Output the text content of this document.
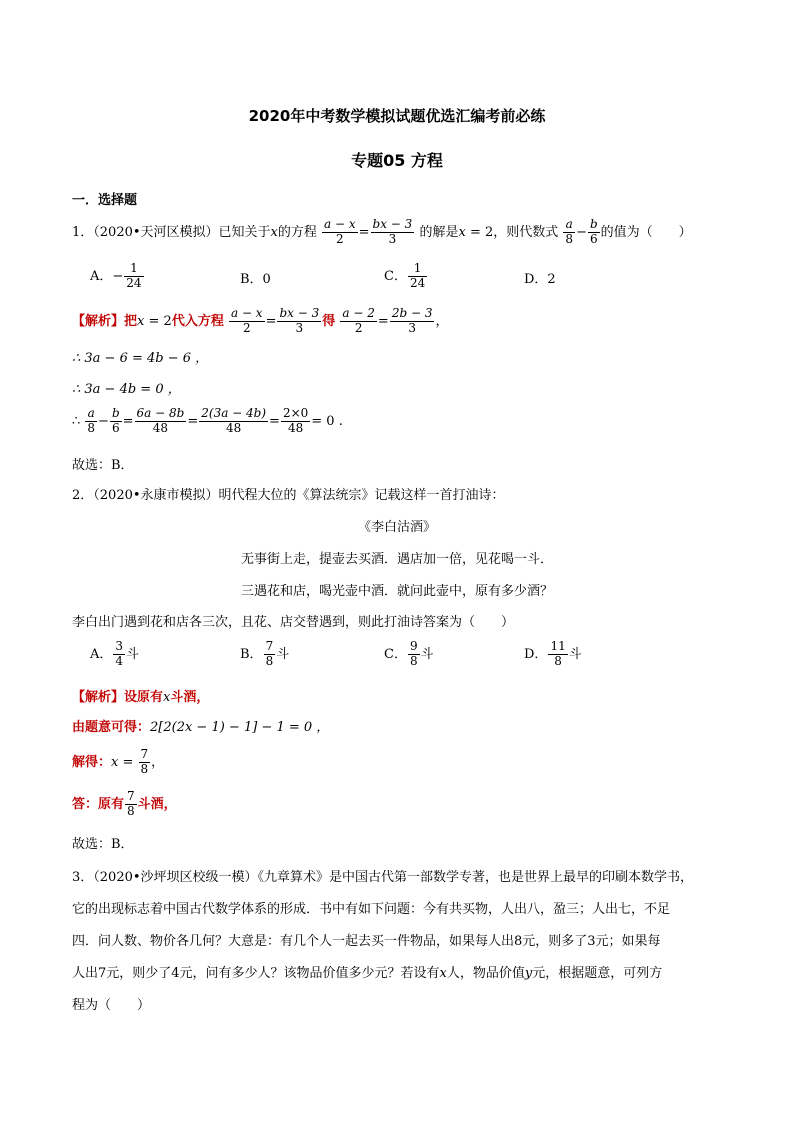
2020年中考数学模拟试题优选汇编考前必练
专题05 方程
一．选择题
1．（2020•天河区模拟）已知关于x的方程 $\frac{a - x}{2} = \frac{bx - 3}{3}$ 的解是x = 2，则代数式 $\frac{a}{8} - \frac{b}{6}$ 的值为（　　）
A．− $\frac{1}{24}$	B．0	C． $\frac{1}{24}$	D．2
【解析】把x = 2代入方程 $\frac{a - x}{2} = \frac{bx - 3}{3}$ 得 $\frac{a - 2}{2} = \frac{2b - 3}{3}$ ，
∴ 3a − 6 = 4b − 6 ，
∴ 3a − 4b = 0 ，
∴ $\frac{a}{8} - \frac{b}{6} = \frac{6a - 8b}{48} = \frac{2(3a - 4b)}{48} = \frac{2\times 0}{48} = 0$ .
故选：B．
2．（2020•永康市模拟）明代程大位的《算法统宗》记载这样一首打油诗：
《李白沽酒》
无事街上走，提壶去买酒．遇店加一倍，见花喝一斗．
三遇花和店，喝光壶中酒．就问此壶中，原有多少酒？
李白出门遇到花和店各三次，且花、店交替遇到，则此打油诗答案为（　　）
A． $\frac{3}{4}$ 斗	B． $\frac{7}{8}$ 斗	C． $\frac{9}{8}$ 斗	D． $\frac{11}{8}$ 斗
【解析】设原有x斗酒，
由题意可得：2[2(2x − 1) − 1] − 1 = 0 ，
解得：$x = \frac{7}{8}$ ，
答：原有 $\frac{7}{8}$ 斗酒，
故选：B．
3．（2020•沙坪坝区校级一模）《九章算术》是中国古代第一部数学专著，也是世界上最早的印刷本数学书，
它的出现标志着中国古代数学体系的形成．书中有如下问题：今有共买物，人出八，盈三；人出七，不足
四．问人数、物价各几何？大意是：有几个人一起去买一件物品，如果每人出8元，则多了3元；如果每
人出7元，则少了4元，问有多少人？该物品价值多少元？若设有x人，物品价值y元，根据题意，可列方
程为（　　）
